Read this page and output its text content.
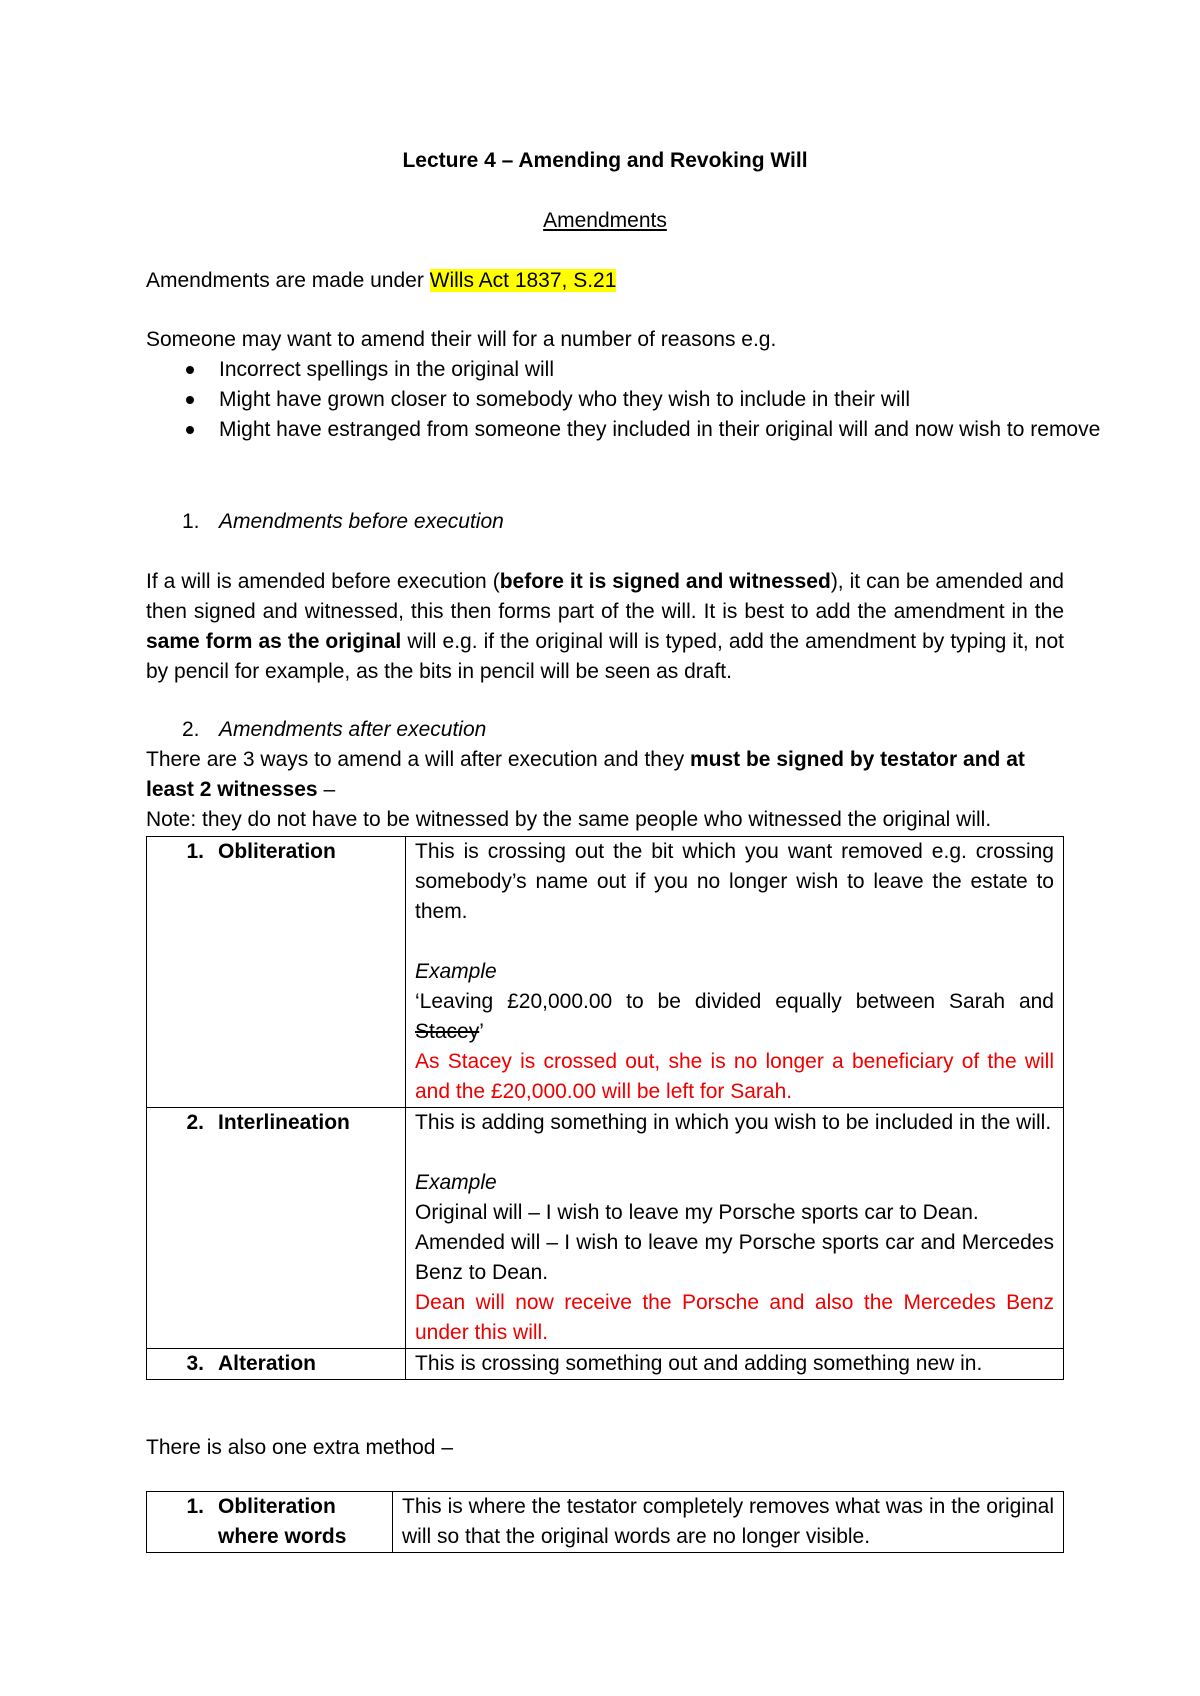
Lecture 4 – Amending and Revoking Will

Amendments

Amendments are made under Wills Act 1837, S.21

Someone may want to amend their will for a number of reasons e.g.

Incorrect spellings in the original will
Might have grown closer to somebody who they wish to include in their will
Might have estranged from someone they included in their original will and now wish to remove

1. Amendments before execution

If a will is amended before execution (before it is signed and witnessed), it can be amended and then signed and witnessed, this then forms part of the will. It is best to add the amendment in the same form as the original will e.g. if the original will is typed, add the amendment by typing it, not by pencil for example, as the bits in pencil will be seen as draft.

2. Amendments after execution

There are 3 ways to amend a will after execution and they must be signed by testator and at least 2 witnesses –

Note: they do not have to be witnessed by the same people who witnessed the original will.

1. Obliteration	This is crossing out the bit which you want removed e.g. crossing somebody’s name out if you no longer wish to leave the estate to them.
Example
‘Leaving £20,000.00 to be divided equally between Sarah and Stacey’
As Stacey is crossed out, she is no longer a beneficiary of the will and the £20,000.00 will be left for Sarah.

2. Interlineation	This is adding something in which you wish to be included in the will.
Example
Original will – I wish to leave my Porsche sports car to Dean.
Amended will – I wish to leave my Porsche sports car and Mercedes Benz to Dean.
Dean will now receive the Porsche and also the Mercedes Benz under this will.

3. Alteration	This is crossing something out and adding something new in.

There is also one extra method –

1. Obliteration where words
	This is where the testator completely removes what was in the original will so that the original words are no longer visible.
